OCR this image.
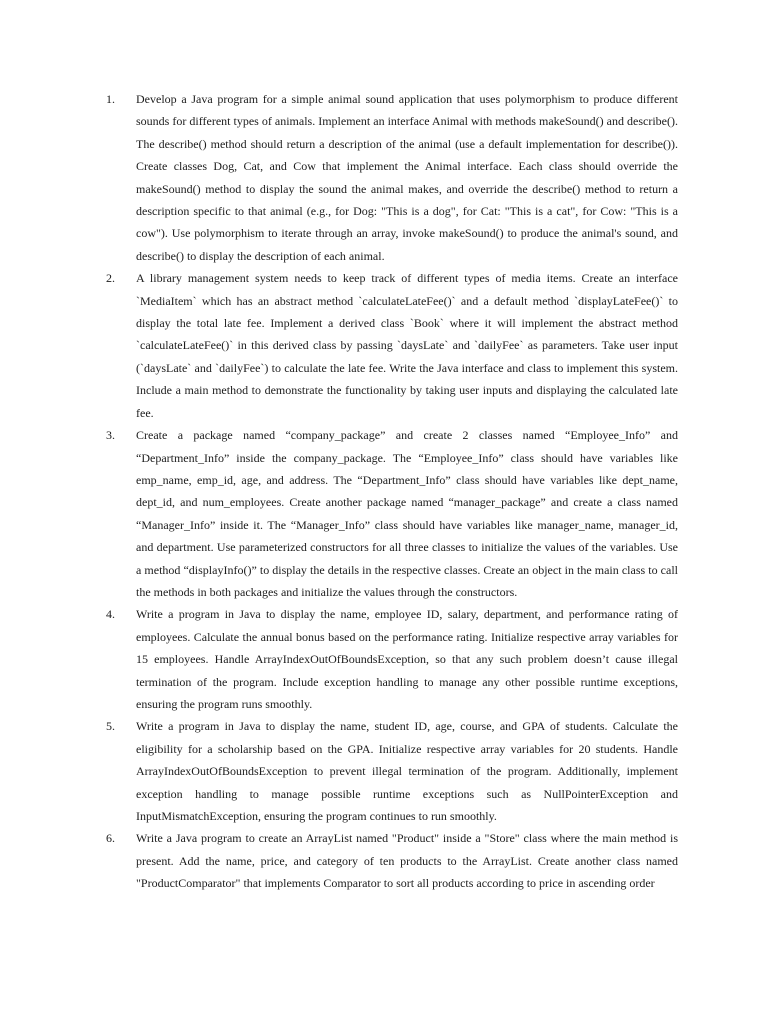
1.	Develop a Java program for a simple animal sound application that uses polymorphism to produce different sounds for different types of animals. Implement an interface Animal with methods makeSound() and describe(). The describe() method should return a description of the animal (use a default implementation for describe()). Create classes Dog, Cat, and Cow that implement the Animal interface. Each class should override the makeSound() method to display the sound the animal makes, and override the describe() method to return a description specific to that animal (e.g., for Dog: "This is a dog", for Cat: "This is a cat", for Cow: "This is a cow"). Use polymorphism to iterate through an array, invoke makeSound() to produce the animal's sound, and describe() to display the description of each animal.
2.	A library management system needs to keep track of different types of media items. Create an interface `MediaItem` which has an abstract method `calculateLateFee()` and a default method `displayLateFee()` to display the total late fee. Implement a derived class `Book` where it will implement the abstract method `calculateLateFee()` in this derived class by passing `daysLate` and `dailyFee` as parameters. Take user input (`daysLate` and `dailyFee`) to calculate the late fee. Write the Java interface and class to implement this system. Include a main method to demonstrate the functionality by taking user inputs and displaying the calculated late fee.
3.	Create a package named “company_package” and create 2 classes named “Employee_Info” and “Department_Info” inside the company_package. The “Employee_Info” class should have variables like emp_name, emp_id, age, and address. The “Department_Info” class should have variables like dept_name, dept_id, and num_employees. Create another package named “manager_package” and create a class named “Manager_Info” inside it. The “Manager_Info” class should have variables like manager_name, manager_id, and department. Use parameterized constructors for all three classes to initialize the values of the variables. Use a method “displayInfo()” to display the details in the respective classes. Create an object in the main class to call the methods in both packages and initialize the values through the constructors.
4.	Write a program in Java to display the name, employee ID, salary, department, and performance rating of employees. Calculate the annual bonus based on the performance rating. Initialize respective array variables for 15 employees. Handle ArrayIndexOutOfBoundsException, so that any such problem doesn’t cause illegal termination of the program. Include exception handling to manage any other possible runtime exceptions, ensuring the program runs smoothly.
5.	Write a program in Java to display the name, student ID, age, course, and GPA of students. Calculate the eligibility for a scholarship based on the GPA. Initialize respective array variables for 20 students. Handle ArrayIndexOutOfBoundsException to prevent illegal termination of the program. Additionally, implement exception handling to manage possible runtime exceptions such as NullPointerException and InputMismatchException, ensuring the program continues to run smoothly.
6.	Write a Java program to create an ArrayList named "Product" inside a "Store" class where the main method is present. Add the name, price, and category of ten products to the ArrayList. Create another class named "ProductComparator" that implements Comparator to sort all products according to price in ascending order
